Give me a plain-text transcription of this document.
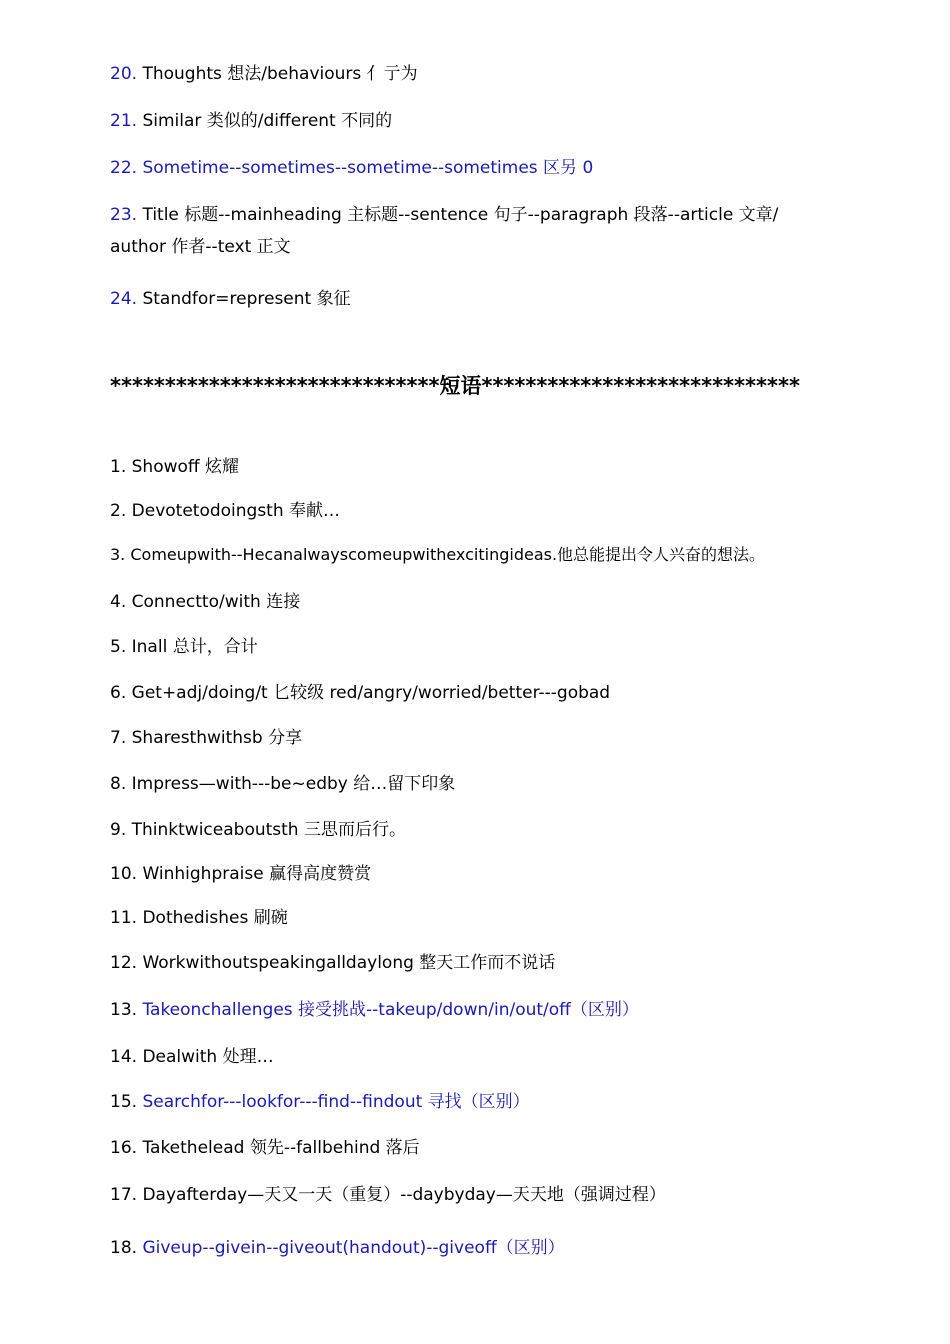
20. Thoughts 想法/behaviours 亻亍为
21. Similar 类似的/different 不同的
22. Sometime--sometimes--sometime--sometimes 区另 0
23. Title 标题--mainheading 主标题--sentence 句子--paragraph 段落--article 文章/ author 作者--text 正文
24. Standfor=represent 象征
******************************短语*****************************
1. Showoff 炫耀
2. Devotetodoingsth 奉献…
3. Comeupwith--Hecanalwayscomeupwithexcitingideas.他总能提出令人兴奋的想法。
4. Connectto/with 连接
5. Inall 总计，合计
6. Get+adj/doing/t 匕较级 red/angry/worried/better---gobad
7. Sharesthwithsb 分享
8. Impress—with---be~edby 给…留下印象
9. Thinktwiceaboutsth 三思而后行。
10. Winhighpraise 赢得高度赞赏
11. Dothedishes 刷碗
12. Workwithoutspeakingalldaylong 整天工作而不说话
13. Takeonchallenges 接受挑战--takeup/down/in/out/off（区别）
14. Dealwith 处理…
15. Searchfor---lookfor---find--findout 寻找（区别）
16. Takethelead 领先--fallbehind 落后
17. Dayafterday—天又一天（重复）--daybyday—天天地（强调过程）
18. Giveup--givein--giveout(handout)--giveoff（区别）
